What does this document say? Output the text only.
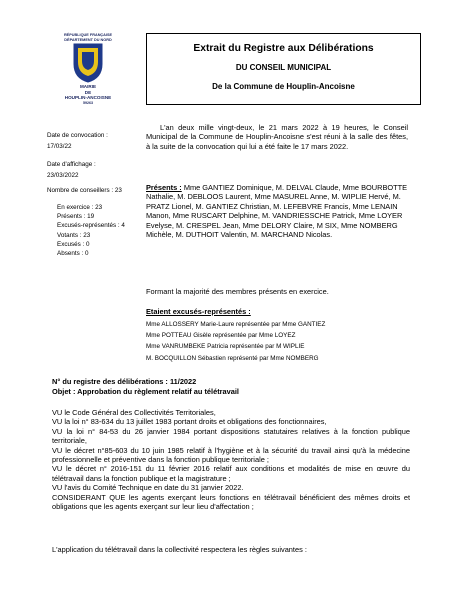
RÉPUBLIQUE FRANÇAISE
DÉPARTEMENT DU NORD
MAIRIE
DE
HOUPLIN-ANCOISNE
59263
Extrait du Registre aux Délibérations
DU CONSEIL MUNICIPAL
De la Commune de Houplin-Ancoisne
Date de convocation :
17/03/22
Date d'affichage :
23/03/2022
Nombre de conseillers : 23
En exercice : 23
Présents : 19
Excusés-représentés : 4
Votants : 23
Excusés : 0
Absents : 0
L'an deux mille vingt-deux, le 21 mars 2022 à 19 heures, le Conseil Municipal de la Commune de Houplin-Ancoisne s'est réuni à la salle des fêtes, à la suite de la convocation qui lui a été faite le 17 mars 2022.
Présents : Mme GANTIEZ Dominique, M. DELVAL Claude, Mme BOURBOTTE Nathalie, M. DEBLOOS Laurent, Mme MASUREL Anne, M. WIPLIE Hervé, M. PRATZ Lionel, M. GANTIEZ Christian, M. LEFEBVRE Francis, Mme LENAIN Manon, Mme RUSCART Delphine, M. VANDRIESSCHE Patrick, Mme LOYER Evelyse, M. CRESPEL Jean, Mme DELORY Claire, M SIX, Mme NOMBERG Michèle, M. DUTHOIT Valentin, M. MARCHAND Nicolas.
Formant la majorité des membres présents en exercice.
Etaient excusés-représentés :
Mme ALLOSSERY Marie-Laure représentée par Mme GANTIEZ
Mme POTTEAU Gisèle représentée par Mme LOYEZ
Mme VANRUMBEKE Patricia représentée par M WIPLIE
M. BOCQUILLON Sébastien représenté par Mme NOMBERG
N° du registre des délibérations : 11/2022
Objet : Approbation du règlement relatif au télétravail
VU le Code Général des Collectivités Territoriales,
VU la loi n° 83-634 du 13 juillet 1983 portant droits et obligations des fonctionnaires,
VU la loi n° 84-53 du 26 janvier 1984 portant dispositions statutaires relatives à la fonction publique territoriale,
VU le décret n°85-603 du 10 juin 1985 relatif à l'hygiène et à la sécurité du travail ainsi qu'à la médecine professionnelle et préventive dans la fonction publique territoriale ;
VU le décret n° 2016-151 du 11 février 2016 relatif aux conditions et modalités de mise en œuvre du télétravail dans la fonction publique et la magistrature ;
VU l'avis du Comité Technique en date du 31 janvier 2022.
CONSIDERANT QUE les agents exerçant leurs fonctions en télétravail bénéficient des mêmes droits et obligations que les agents exerçant sur leur lieu d'affectation ;
L'application du télétravail dans la collectivité respectera les règles suivantes :
